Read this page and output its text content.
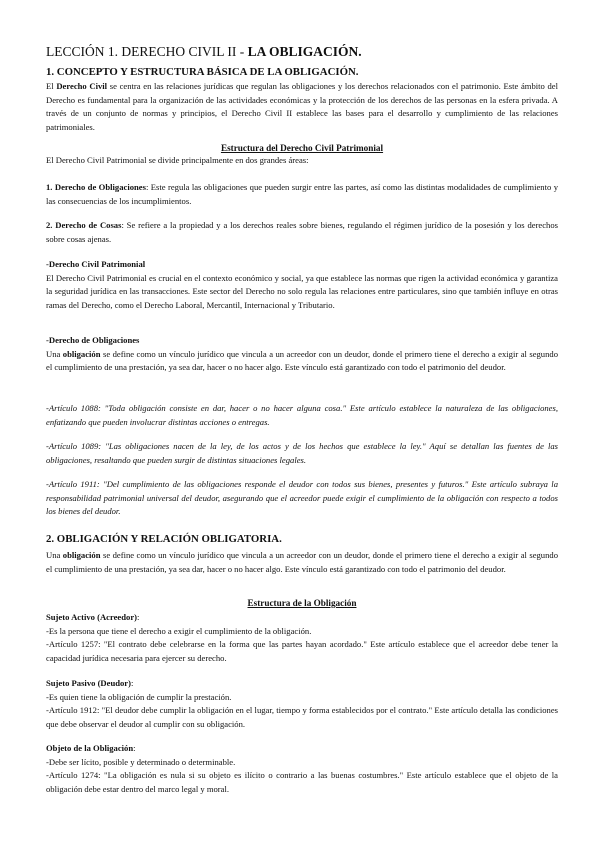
LECCIÓN 1. DERECHO CIVIL II - LA OBLIGACIÓN.
1. CONCEPTO Y ESTRUCTURA BÁSICA DE LA OBLIGACIÓN.

El Derecho Civil se centra en las relaciones jurídicas que regulan las obligaciones y los derechos relacionados con el patrimonio. Este ámbito del Derecho es fundamental para la organización de las actividades económicas y la protección de los derechos de las personas en la esfera privada. A través de un conjunto de normas y principios, el Derecho Civil II establece las bases para el desarrollo y cumplimiento de las relaciones patrimoniales.

Estructura del Derecho Civil Patrimonial

El Derecho Civil Patrimonial se divide principalmente en dos grandes áreas:

1. Derecho de Obligaciones: Este regula las obligaciones que pueden surgir entre las partes, así como las distintas modalidades de cumplimiento y las consecuencias de los incumplimientos.

2. Derecho de Cosas: Se refiere a la propiedad y a los derechos reales sobre bienes, regulando el régimen jurídico de la posesión y los derechos sobre cosas ajenas.

-Derecho Civil Patrimonial
El Derecho Civil Patrimonial es crucial en el contexto económico y social, ya que establece las normas que rigen la actividad económica y garantiza la seguridad jurídica en las transacciones. Este sector del Derecho no solo regula las relaciones entre particulares, sino que también influye en otras ramas del Derecho, como el Derecho Laboral, Mercantil, Internacional y Tributario.
-Derecho de Obligaciones
Una obligación se define como un vínculo jurídico que vincula a un acreedor con un deudor, donde el primero tiene el derecho a exigir al segundo el cumplimiento de una prestación, ya sea dar, hacer o no hacer algo. Este vínculo está garantizado con todo el patrimonio del deudor.

-Artículo 1088: "Toda obligación consiste en dar, hacer o no hacer alguna cosa." Este artículo establece la naturaleza de las obligaciones, enfatizando que pueden involucrar distintas acciones o entregas.

-Artículo 1089: "Las obligaciones nacen de la ley, de los actos y de los hechos que establece la ley." Aquí se detallan las fuentes de las obligaciones, resaltando que pueden surgir de distintas situaciones legales.

-Artículo 1911: "Del cumplimiento de las obligaciones responde el deudor con todos sus bienes, presentes y futuros." Este artículo subraya la responsabilidad patrimonial universal del deudor, asegurando que el acreedor puede exigir el cumplimiento de la obligación con respecto a todos los bienes del deudor.

2. OBLIGACIÓN Y RELACIÓN OBLIGATORIA.

Una obligación se define como un vínculo jurídico que vincula a un acreedor con un deudor, donde el primero tiene el derecho a exigir al segundo el cumplimiento de una prestación, ya sea dar, hacer o no hacer algo. Este vínculo está garantizado con todo el patrimonio del deudor.

Estructura de la Obligación
Sujeto Activo (Acreedor):
-Es la persona que tiene el derecho a exigir el cumplimiento de la obligación.
-Artículo 1257: "El contrato debe celebrarse en la forma que las partes hayan acordado." Este artículo establece que el acreedor debe tener la capacidad jurídica necesaria para ejercer su derecho.
Sujeto Pasivo (Deudor):
-Es quien tiene la obligación de cumplir la prestación.
-Artículo 1912: "El deudor debe cumplir la obligación en el lugar, tiempo y forma establecidos por el contrato." Este artículo detalla las condiciones que debe observar el deudor al cumplir con su obligación.
Objeto de la Obligación:
-Debe ser lícito, posible y determinado o determinable.
-Artículo 1274: "La obligación es nula si su objeto es ilícito o contrario a las buenas costumbres." Este artículo establece que el objeto de la obligación debe estar dentro del marco legal y moral.
